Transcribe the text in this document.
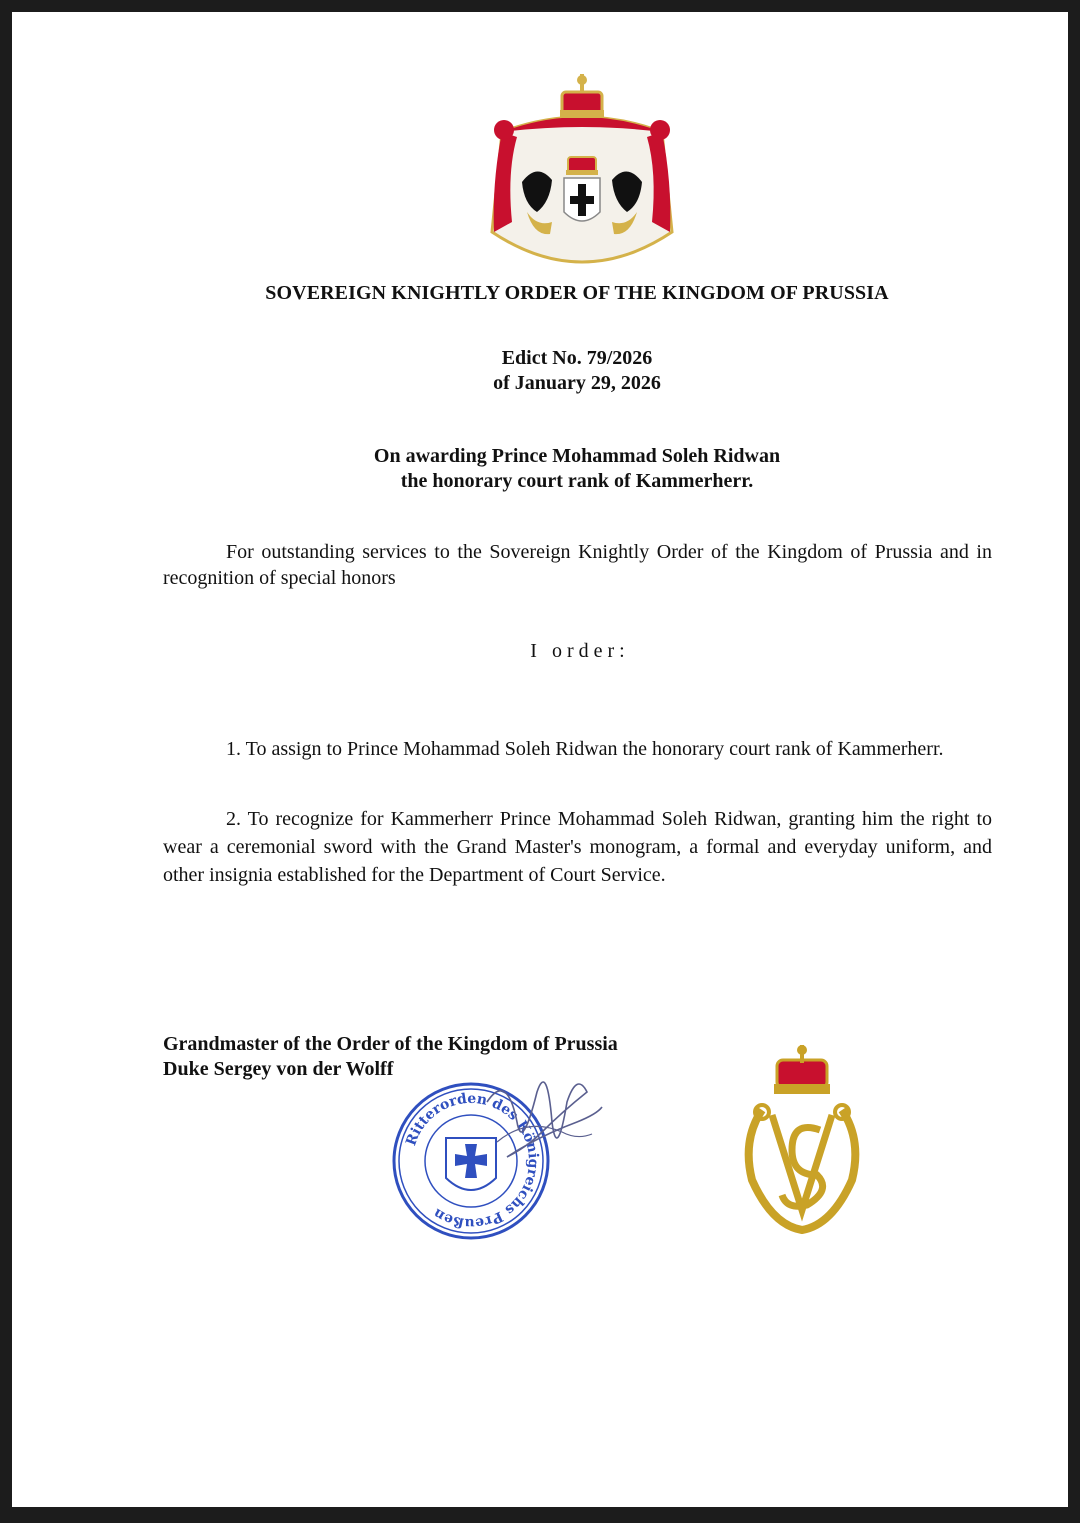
SOVEREIGN KNIGHTLY ORDER OF THE KINGDOM OF PRUSSIA
Edict No. 79/2026
of January 29, 2026
On awarding Prince Mohammad Soleh Ridwan
the honorary court rank of Kammerherr.
For outstanding services to the Sovereign Knightly Order of the Kingdom of Prussia and in recognition of special honors
I order:
1. To assign to Prince Mohammad Soleh Ridwan the honorary court rank of Kammerherr.
2. To recognize for Kammerherr Prince Mohammad Soleh Ridwan, granting him the right to wear a ceremonial sword with the Grand Master's monogram, a formal and everyday uniform, and other insignia established for the Department of Court Service.
Grandmaster of the Order of the Kingdom of Prussia
Duke Sergey von der Wolff
Ritterorden des Königreichs Preußen
